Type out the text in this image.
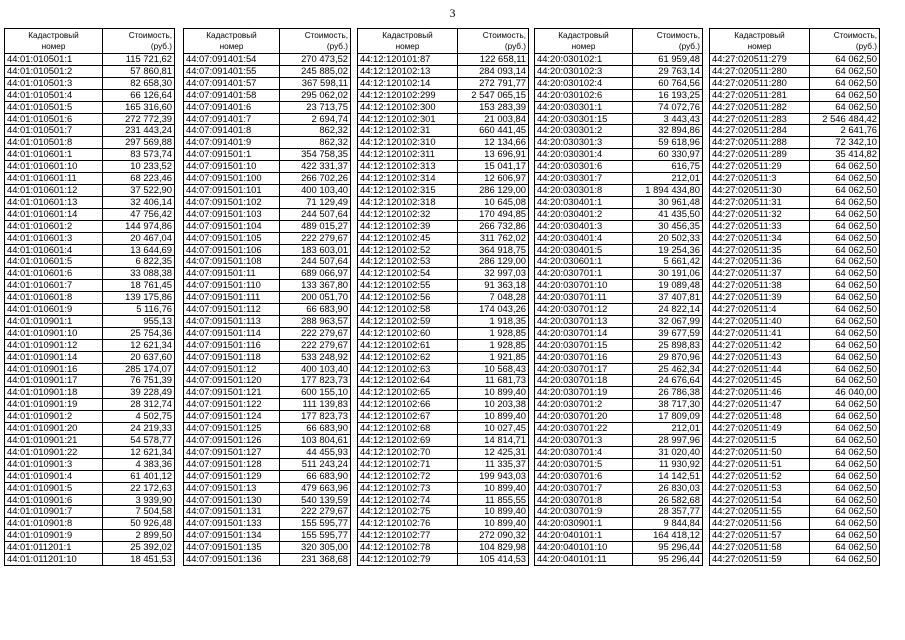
3
Кадастровый
номер	Стоимость,
(руб.)

44:01:010501:1	115 721,62
44:01:010501:2	57 860,81
44:01:010501:3	82 658,30
44:01:010501:4	66 126,64
44:01:010501:5	165 316,60
44:01:010501:6	272 772,39
44:01:010501:7	231 443,24
44:01:010501:8	297 569,88
44:01:010601:1	83 573,74
44:01:010601:10	10 233,52
44:01:010601:11	68 223,46
44:01:010601:12	37 522,90
44:01:010601:13	32 406,14
44:01:010601:14	47 756,42
44:01:010601:2	144 974,86
44:01:010601:3	20 467,04
44:01:010601:4	13 644,69
44:01:010601:5	6 822,35
44:01:010601:6	33 088,38
44:01:010601:7	18 761,45
44:01:010601:8	139 175,86
44:01:010601:9	5 116,76
44:01:010901:1	955,13
44:01:010901:10	25 754,36
44:01:010901:12	12 621,34
44:01:010901:14	20 637,60
44:01:010901:16	285 174,07
44:01:010901:17	76 751,39
44:01:010901:18	39 228,49
44:01:010901:19	28 312,74
44:01:010901:2	4 502,75
44:01:010901:20	24 219,33
44:01:010901:21	54 578,77
44:01:010901:22	12 621,34
44:01:010901:3	4 383,36
44:01:010901:4	61 401,12
44:01:010901:5	22 172,63
44:01:010901:6	3 939,90
44:01:010901:7	7 504,58
44:01:010901:8	50 926,48
44:01:010901:9	2 899,50
44:01:011201:1	25 392,02
44:01:011201:10	18 451,53
Кадастровый
номер	Стоимость,
(руб.)

44:07:091401:54	270 473,52
44:07:091401:55	245 885,02
44:07:091401:57	367 598,11
44:07:091401:58	295 062,02
44:07:091401:6	23 713,75
44:07:091401:7	2 694,74
44:07:091401:8	862,32
44:07:091401:9	862,32
44:07:091501:1	354 758,35
44:07:091501:10	422 331,37
44:07:091501:100	266 702,26
44:07:091501:101	400 103,40
44:07:091501:102	71 129,49
44:07:091501:103	244 507,64
44:07:091501:104	489 015,27
44:07:091501:105	222 279,67
44:07:091501:106	183 603,01
44:07:091501:108	244 507,64
44:07:091501:11	689 066,97
44:07:091501:110	133 367,80
44:07:091501:111	200 051,70
44:07:091501:112	66 683,90
44:07:091501:113	288 963,57
44:07:091501:114	222 279,67
44:07:091501:116	222 279,67
44:07:091501:118	533 248,92
44:07:091501:12	400 103,40
44:07:091501:120	177 823,73
44:07:091501:121	600 155,10
44:07:091501:122	111 139,83
44:07:091501:124	177 823,73
44:07:091501:125	66 683,90
44:07:091501:126	103 804,61
44:07:091501:127	44 455,93
44:07:091501:128	511 243,24
44:07:091501:129	66 683,90
44:07:091501:13	479 663,96
44:07:091501:130	540 139,59
44:07:091501:131	222 279,67
44:07:091501:133	155 595,77
44:07:091501:134	155 595,77
44:07:091501:135	320 305,00
44:07:091501:136	231 368,68
Кадастровый
номер	Стоимость,
(руб.)

44:12:120101:87	122 658,11
44:12:120102:13	284 093,14
44:12:120102:14	272 791,77
44:12:120102:299	2 547 065,15
44:12:120102:300	153 283,39
44:12:120102:301	21 003,84
44:12:120102:31	660 441,45
44:12:120102:310	12 134,66
44:12:120102:311	13 696,91
44:12:120102:313	15 041,17
44:12:120102:314	12 606,97
44:12:120102:315	286 129,00
44:12:120102:318	10 645,08
44:12:120102:32	170 494,85
44:12:120102:39	266 732,86
44:12:120102:45	311 762,02
44:12:120102:52	364 918,75
44:12:120102:53	286 129,00
44:12:120102:54	32 997,03
44:12:120102:55	91 363,18
44:12:120102:56	7 048,28
44:12:120102:58	174 043,26
44:12:120102:59	1 918,35
44:12:120102:60	1 928,85
44:12:120102:61	1 928,85
44:12:120102:62	1 921,85
44:12:120102:63	10 568,43
44:12:120102:64	11 681,73
44:12:120102:65	10 899,40
44:12:120102:66	10 203,38
44:12:120102:67	10 899,40
44:12:120102:68	10 027,45
44:12:120102:69	14 814,71
44:12:120102:70	12 425,31
44:12:120102:71	11 335,37
44:12:120102:72	199 943,03
44:12:120102:73	10 899,40
44:12:120102:74	11 855,55
44:12:120102:75	10 899,40
44:12:120102:76	10 899,40
44:12:120102:77	272 090,32
44:12:120102:78	104 829,98
44:12:120102:79	105 414,53
Кадастровый
номер	Стоимость,
(руб.)

44:20:030102:1	61 959,48
44:20:030102:3	29 763,14
44:20:030102:4	60 764,56
44:20:030102:6	16 193,25
44:20:030301:1	74 072,76
44:20:030301:15	3 443,43
44:20:030301:2	32 894,86
44:20:030301:3	59 618,96
44:20:030301:4	60 330,97
44:20:030301:6	616,75
44:20:030301:7	212,01
44:20:030301:8	1 894 434,80
44:20:030401:1	30 961,48
44:20:030401:2	41 435,50
44:20:030401:3	30 456,35
44:20:030401:4	20 502,33
44:20:030401:5	19 254,36
44:20:030601:1	5 661,42
44:20:030701:1	30 191,06
44:20:030701:10	19 089,48
44:20:030701:11	37 407,81
44:20:030701:12	24 822,14
44:20:030701:13	32 067,99
44:20:030701:14	39 677,59
44:20:030701:15	25 898,83
44:20:030701:16	29 870,96
44:20:030701:17	25 462,34
44:20:030701:18	24 676,64
44:20:030701:19	26 786,38
44:20:030701:2	38 717,30
44:20:030701:20	17 809,09
44:20:030701:22	212,01
44:20:030701:3	28 997,96
44:20:030701:4	31 020,40
44:20:030701:5	11 930,92
44:20:030701:6	14 142,51
44:20:030701:7	26 830,03
44:20:030701:8	26 582,68
44:20:030701:9	28 357,77
44:20:030901:1	9 844,84
44:20:040101:1	164 418,12
44:20:040101:10	95 296,44
44:20:040101:11	95 296,44
Кадастровый
номер	Стоимость,
(руб.)

44:27:020511:279	64 062,50
44:27:020511:280	64 062,50
44:27:020511:280	64 062,50
44:27:020511:281	64 062,50
44:27:020511:282	64 062,50
44:27:020511:283	2 546 484,42
44:27:020511:284	2 641,76
44:27:020511:288	72 342,10
44:27:020511:289	35 414,82
44:27:020511:29	64 062,50
44:27:020511:3	64 062,50
44:27:020511:30	64 062,50
44:27:020511:31	64 062,50
44:27:020511:32	64 062,50
44:27:020511:33	64 062,50
44:27:020511:34	64 062,50
44:27:020511:35	64 062,50
44:27:020511:36	64 062,50
44:27:020511:37	64 062,50
44:27:020511:38	64 062,50
44:27:020511:39	64 062,50
44:27:020511:4	64 062,50
44:27:020511:40	64 062,50
44:27:020511:41	64 062,50
44:27:020511:42	64 062,50
44:27:020511:43	64 062,50
44:27:020511:44	64 062,50
44:27:020511:45	64 062,50
44:27:020511:46	46 040,00
44:27:020511:47	64 062,50
44:27:020511:48	64 062,50
44:27:020511:49	64 062,50
44:27:020511:5	64 062,50
44:27:020511:50	64 062,50
44:27:020511:51	64 062,50
44:27:020511:52	64 062,50
44:27:020511:53	64 062,50
44:27:020511:54	64 062,50
44:27:020511:55	64 062,50
44:27:020511:56	64 062,50
44:27:020511:57	64 062,50
44:27:020511:58	64 062,50
44:27:020511:59	64 062,50
